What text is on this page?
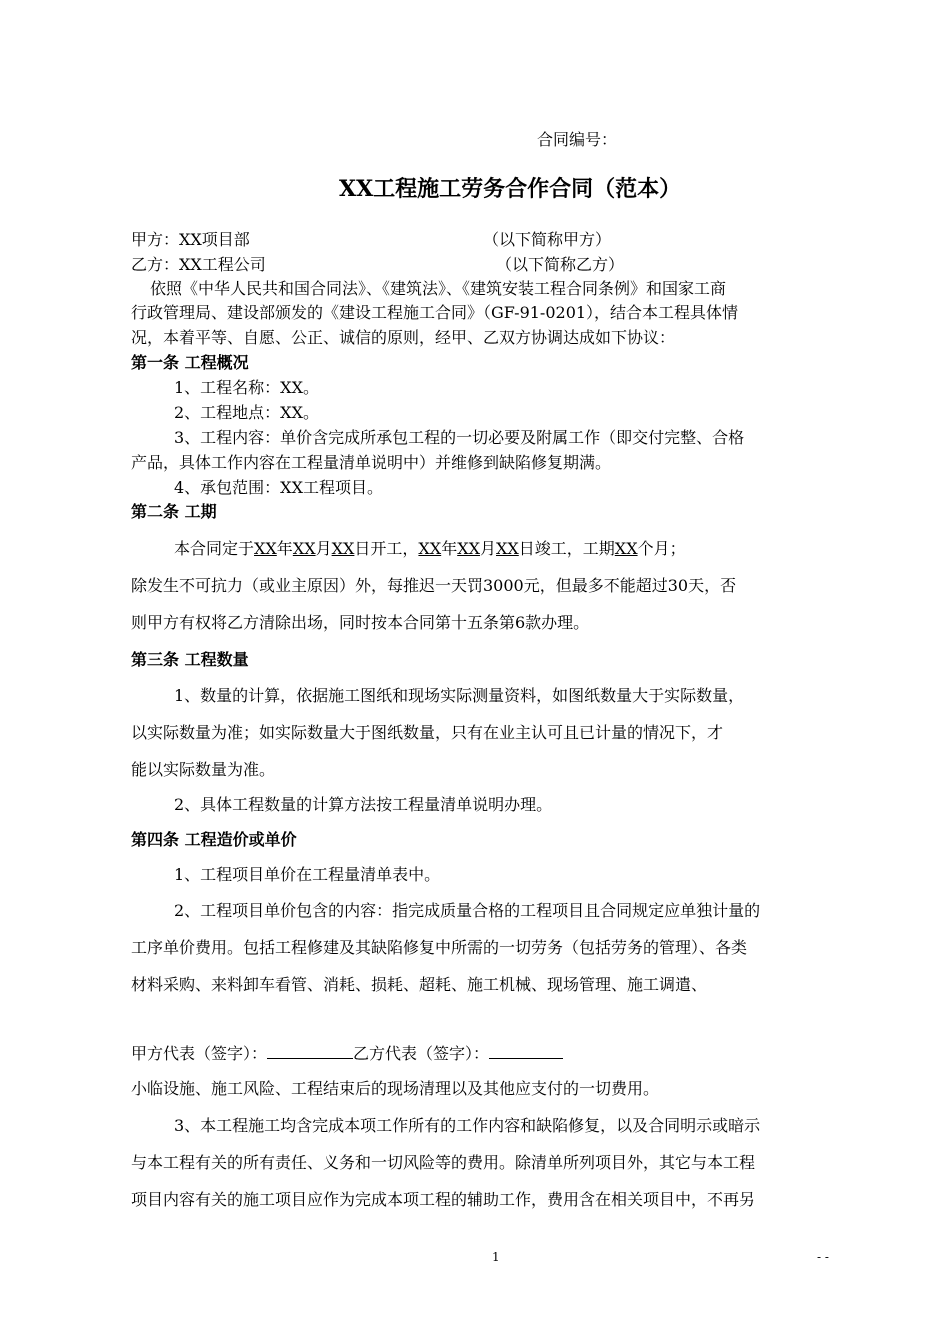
合同编号：
XX工程施工劳务合作合同（范本）
甲方：XX项目部	（以下简称甲方）
乙方：XX工程公司	（以下简称乙方）
依照《中华人民共和国合同法》、《建筑法》、《建筑安装工程合同条例》和国家工商
行政管理局、建设部颁发的《建设工程施工合同》（GF-91-0201），结合本工程具体情
况，本着平等、自愿、公正、诚信的原则，经甲、乙双方协调达成如下协议：
第一条 工程概况
1、工程名称：XX。
2、工程地点：XX。
3、工程内容：单价含完成所承包工程的一切必要及附属工作（即交付完整、合格
产品，具体工作内容在工程量清单说明中）并维修到缺陷修复期满。
4、承包范围：XX工程项目。
第二条 工期
本合同定于XX年XX月XX日开工，XX年XX月XX日竣工，工期XX个月；
除发生不可抗力（或业主原因）外，每推迟一天罚3000元，但最多不能超过30天，否
则甲方有权将乙方清除出场，同时按本合同第十五条第6款办理。
第三条 工程数量
1、数量的计算，依据施工图纸和现场实际测量资料，如图纸数量大于实际数量，
以实际数量为准；如实际数量大于图纸数量，只有在业主认可且已计量的情况下，才
能以实际数量为准。
2、具体工程数量的计算方法按工程量清单说明办理。
第四条 工程造价或单价
1、工程项目单价在工程量清单表中。
2、工程项目单价包含的内容：指完成质量合格的工程项目且合同规定应单独计量的
工序单价费用。包括工程修建及其缺陷修复中所需的一切劳务（包括劳务的管理）、各类
材料采购、来料卸车看管、消耗、损耗、超耗、施工机械、现场管理、施工调遣、
甲方代表（签字）：	乙方代表（签字）：
小临设施、施工风险、工程结束后的现场清理以及其他应支付的一切费用。
3、本工程施工均含完成本项工作所有的工作内容和缺陷修复，以及合同明示或暗示
与本工程有关的所有责任、义务和一切风险等的费用。除清单所列项目外，其它与本工程
项目内容有关的施工项目应作为完成本项工程的辅助工作，费用含在相关项目中，不再另
1	- -
